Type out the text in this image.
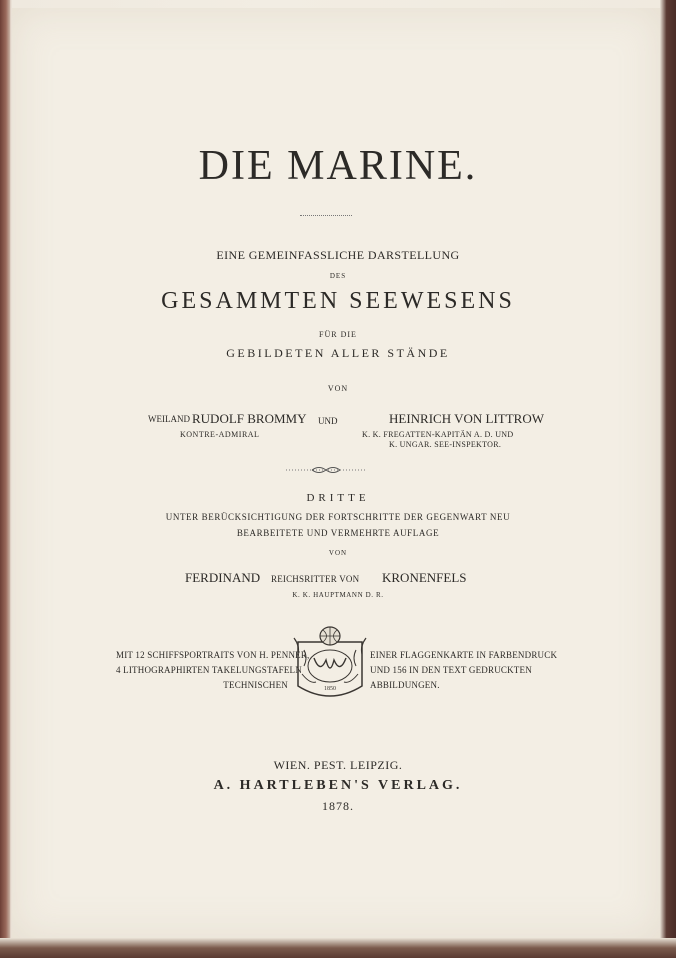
DIE MARINE.
EINE GEMEINFASSLICHE DARSTELLUNG
DES
GESAMMTEN SEEWESENS
FÜR DIE
GEBILDETEN ALLER STÄNDE
VON
WEILAND RUDOLF BROMMY
KONTRE-ADMIRAL
UND	HEINRICH VON LITTROW
K. K. FREGATTEN-KAPITÄN A. D. UND
K. UNGAR. SEE-INSPEKTOR.
DRITTE
UNTER BERÜCKSICHTIGUNG DER FORTSCHRITTE DER GEGENWART NEU
BEARBEITETE UND VERMEHRTE AUFLAGE
VON
FERDINAND REICHSRITTER VON KRONENFELS
K. K. HAUPTMANN D. R.
MIT 12 SCHIFFSPORTRAITS VON H. PENNER,
4 LITHOGRAPHIRTEN TAKELUNGSTAFELN
TECHNISCHEN	1850
EINER FLAGGENKARTE IN FARBENDRUCK
UND 156 IN DEN TEXT GEDRUCKTEN
ABBILDUNGEN.
WIEN. PEST. LEIPZIG.
A. HARTLEBEN'S VERLAG.
1878.
